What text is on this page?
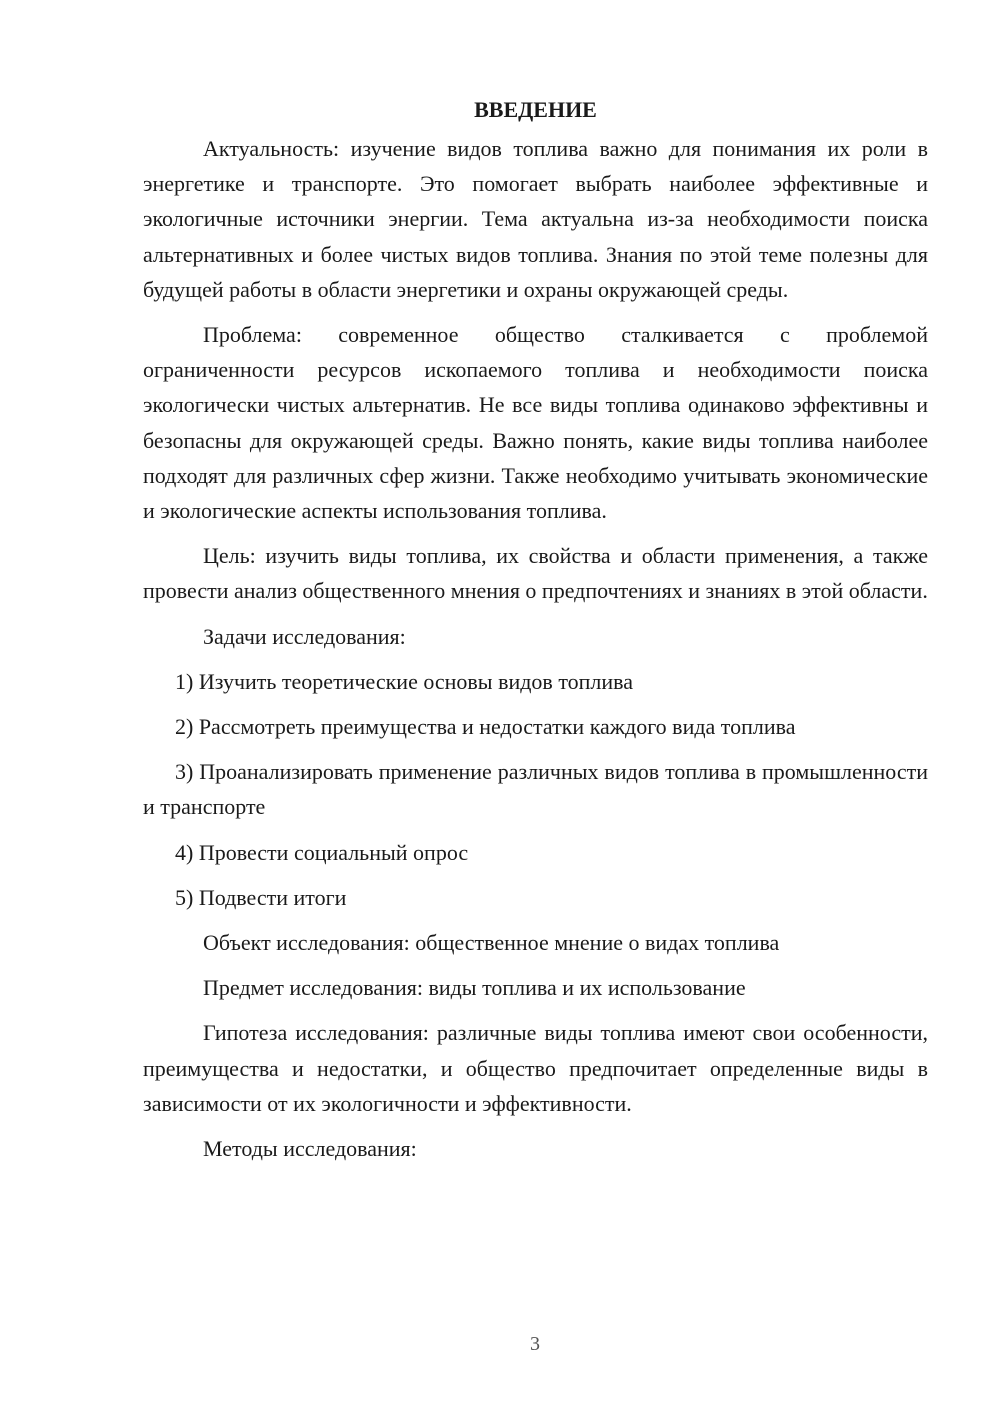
ВВЕДЕНИЕ

Актуальность: изучение видов топлива важно для понимания их роли в энергетике и транспорте. Это помогает выбрать наиболее эффективные и экологичные источники энергии. Тема актуальна из-за необходимости поиска альтернативных и более чистых видов топлива. Знания по этой теме полезны для будущей работы в области энергетики и охраны окружающей среды.

Проблема: современное общество сталкивается с проблемой ограниченности ресурсов ископаемого топлива и необходимости поиска экологически чистых альтернатив. Не все виды топлива одинаково эффективны и безопасны для окружающей среды. Важно понять, какие виды топлива наиболее подходят для различных сфер жизни. Также необходимо учитывать экономические и экологические аспекты использования топлива.

Цель: изучить виды топлива, их свойства и области применения, а также провести анализ общественного мнения о предпочтениях и знаниях в этой области.

Задачи исследования:

1) Изучить теоретические основы видов топлива

2) Рассмотреть преимущества и недостатки каждого вида топлива

3) Проанализировать применение различных видов топлива в промышленности и транспорте

4) Провести социальный опрос

5) Подвести итоги

Объект исследования: общественное мнение о видах топлива

Предмет исследования: виды топлива и их использование

Гипотеза исследования: различные виды топлива имеют свои особенности, преимущества и недостатки, и общество предпочитает определенные виды в зависимости от их экологичности и эффективности.

Методы исследования:

3
